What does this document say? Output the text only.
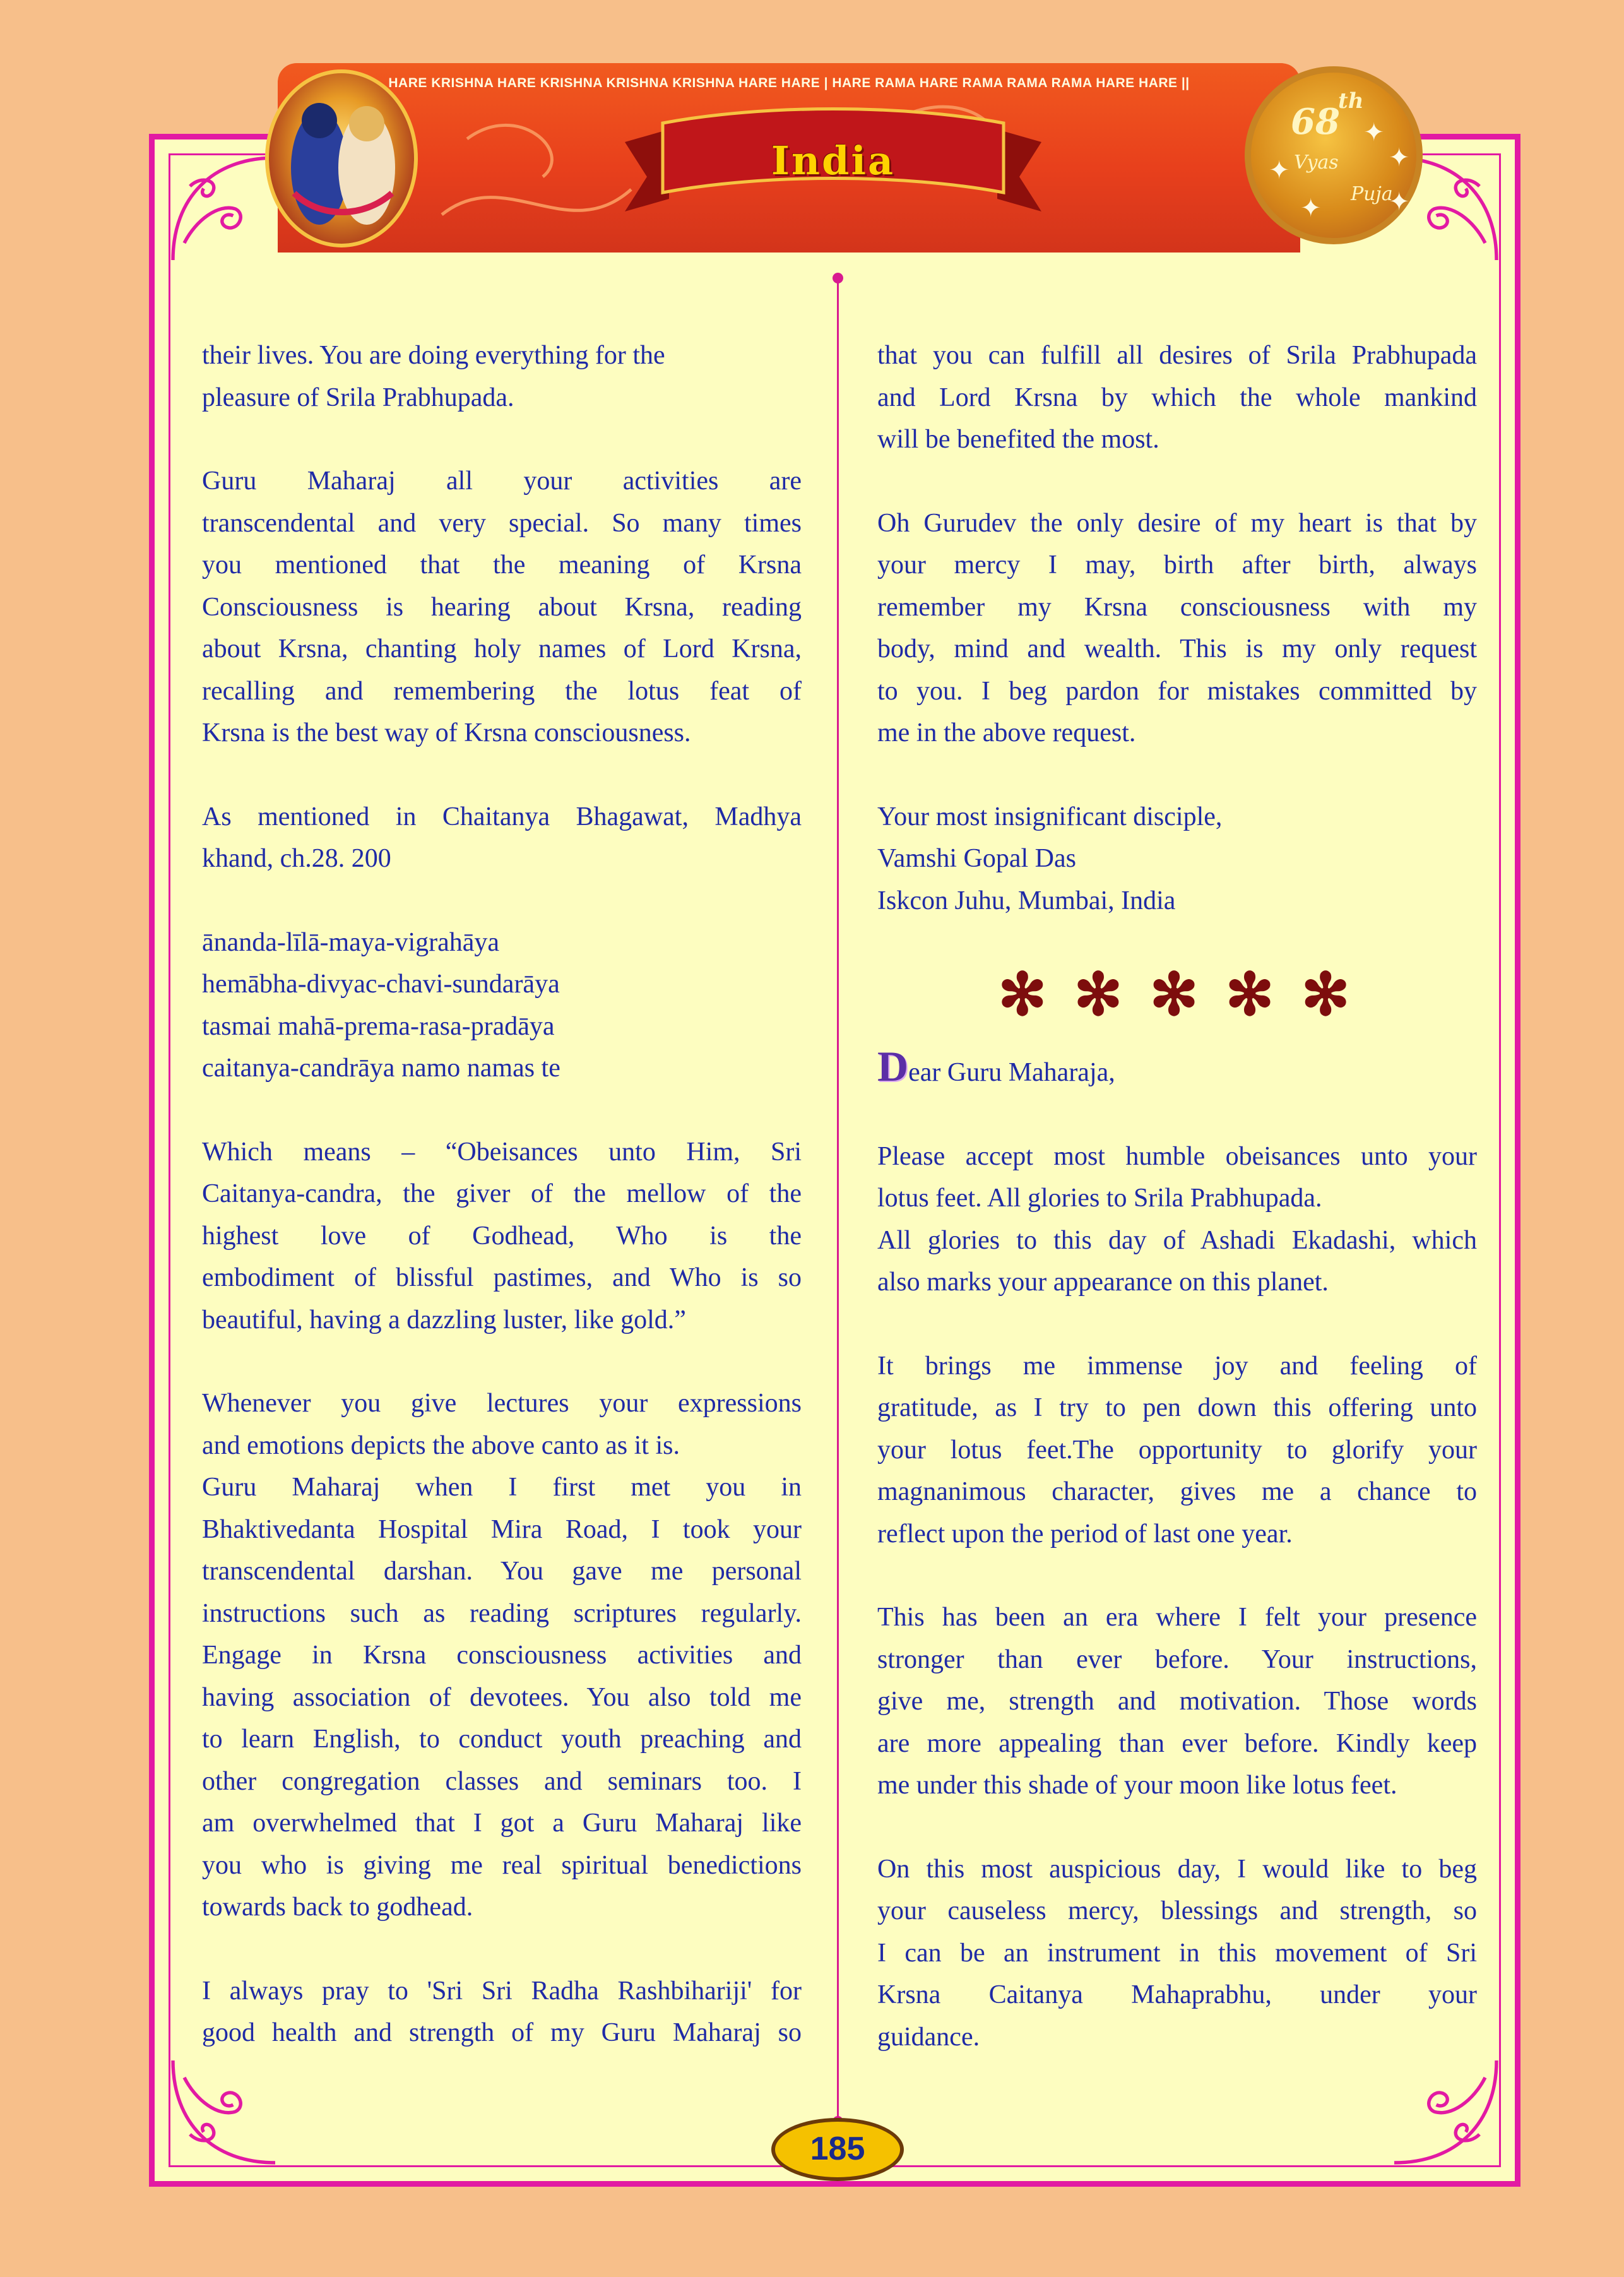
HARE KRISHNA HARE KRISHNA KRISHNA KRISHNA HARE HARE | HARE RAMA HARE RAMA RAMA RAMA HARE HARE ||
India
68
th
Vyas
Puja
✦
✦
✦
✦	✦

their lives. You are doing everything for the
pleasure of Srila Prabhupada.

Guru Maharaj all your activities are
transcendental and very special. So many times
you mentioned that the meaning of Krsna
Consciousness is hearing about Krsna, reading
about Krsna, chanting holy names of Lord Krsna,
recalling and remembering the lotus feat of
Krsna is the best way of Krsna consciousness.

As mentioned in Chaitanya Bhagawat, Madhya
khand, ch.28. 200

ānanda-līlā-maya-vigrahāya
hemābha-divyac-chavi-sundarāya
tasmai mahā-prema-rasa-pradāya
caitanya-candrāya namo namas te

Which means – “Obeisances unto Him, Sri
Caitanya-candra, the giver of the mellow of the
highest love of Godhead, Who is the
embodiment of blissful pastimes, and Who is so
beautiful, having a dazzling luster, like gold.”

Whenever you give lectures your expressions
and emotions depicts the above canto as it is.
Guru Maharaj when I first met you in
Bhaktivedanta Hospital Mira Road, I took your
transcendental darshan. You gave me personal
instructions such as reading scriptures regularly.
Engage in Krsna consciousness activities and
having association of devotees. You also told me
to learn English, to conduct youth preaching and
other congregation classes and seminars too. I
am overwhelmed that I got a Guru Maharaj like
you who is giving me real spiritual benedictions
towards back to godhead.

I always pray to 'Sri Sri Radha Rashbihariji' for
good health and strength of my Guru Maharaj so

that you can fulfill all desires of Srila Prabhupada
and Lord Krsna by which the whole mankind
will be benefited the most.

Oh Gurudev the only desire of my heart is that by
your mercy I may, birth after birth, always
remember my Krsna consciousness with my
body, mind and wealth. This is my only request
to you. I beg pardon for mistakes committed by
me in the above request.

Your most insignificant disciple,
Vamshi Gopal Das
Iskcon Juhu, Mumbai, India

✻ ✻ ✻ ✻ ✻
Dear Guru Maharaja,

Please accept most humble obeisances unto your
lotus feet. All glories to Srila Prabhupada.
All glories to this day of Ashadi Ekadashi, which
also marks your appearance on this planet.

It brings me immense joy and feeling of
gratitude, as I try to pen down this offering unto
your lotus feet.The opportunity to glorify your
magnanimous character, gives me a chance to
reflect upon the period of last one year.

This has been an era where I felt your presence
stronger than ever before. Your instructions,
give me, strength and motivation. Those words
are more appealing than ever before. Kindly keep
me under this shade of your moon like lotus feet.

On this most auspicious day, I would like to beg
your causeless mercy, blessings and strength, so
I can be an instrument in this movement of Sri
Krsna Caitanya Mahaprabhu, under your
guidance.

185
